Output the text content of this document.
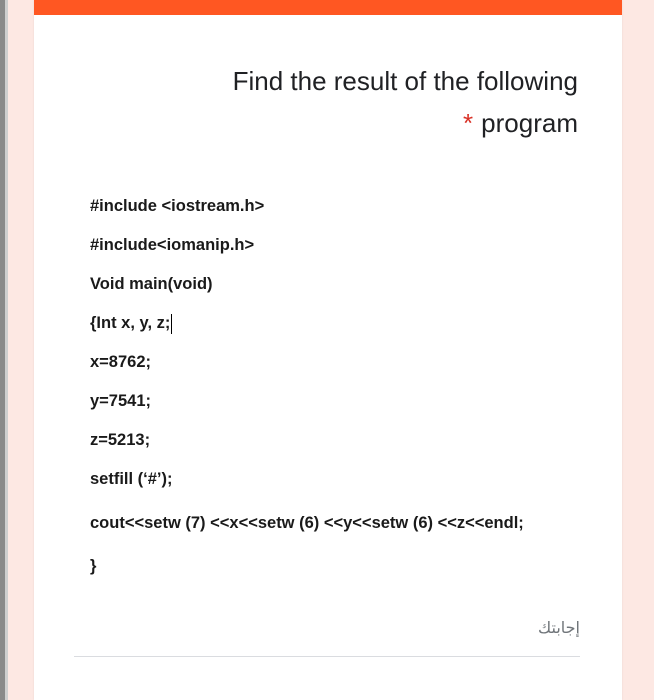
Find the result of the following
* program
#include <iostream.h>
#include<iomanip.h>
Void main(void)
{Int x, y, z;
x=8762;
y=7541;
z=5213;
setfill (‘#’);
cout<<setw (7) <<x<<setw (6) <<y<<setw (6) <<z<<endl;
}
إجابتك
